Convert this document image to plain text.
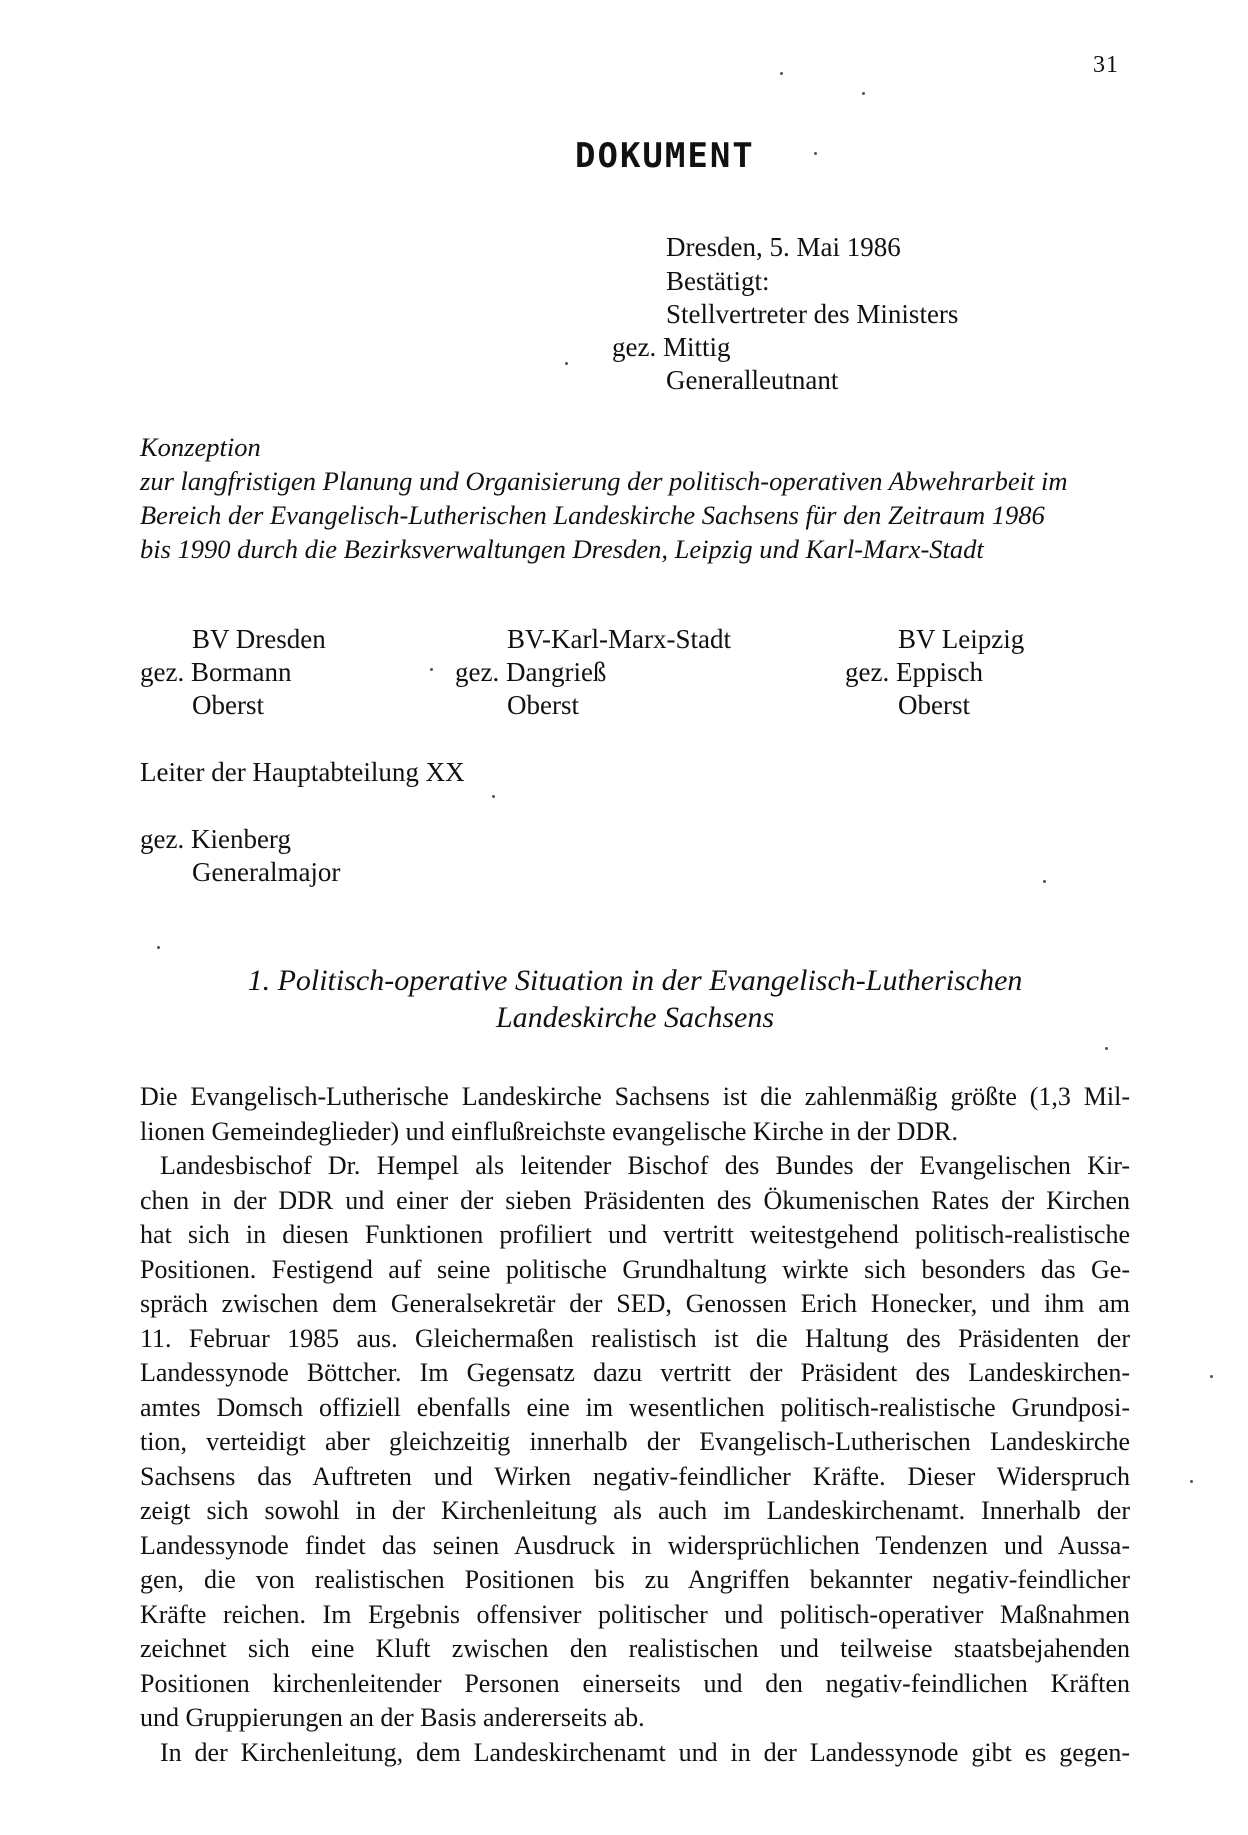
31
DOKUMENT
Dresden, 5. Mai 1986
Bestätigt:
Stellvertreter des Ministers
gez. Mittig
Generalleutnant
Konzeption
zur langfristigen Planung und Organisierung der politisch-operativen Abwehrarbeit im
Bereich der Evangelisch-Lutherischen Landeskirche Sachsens für den Zeitraum 1986
bis 1990 durch die Bezirksverwaltungen Dresden, Leipzig und Karl-Marx-Stadt
BV Dresden
gez. Bormann
Oberst
BV-Karl-Marx-Stadt
gez. Dangrieß
Oberst
BV Leipzig
gez. Eppisch
Oberst
Leiter der Hauptabteilung XX
gez. Kienberg
Generalmajor
1. Politisch-operative Situation in der Evangelisch-Lutherischen
Landeskirche Sachsens
Die Evangelisch-Lutherische Landeskirche Sachsens ist die zahlenmäßig größte (1,3 Mil-
lionen Gemeindeglieder) und einflußreichste evangelische Kirche in der DDR.
Landesbischof Dr. Hempel als leitender Bischof des Bundes der Evangelischen Kir-
chen in der DDR und einer der sieben Präsidenten des Ökumenischen Rates der Kirchen
hat sich in diesen Funktionen profiliert und vertritt weitestgehend politisch-realistische
Positionen. Festigend auf seine politische Grundhaltung wirkte sich besonders das Ge-
spräch zwischen dem Generalsekretär der SED, Genossen Erich Honecker, und ihm am
11. Februar 1985 aus. Gleichermaßen realistisch ist die Haltung des Präsidenten der
Landessynode Böttcher. Im Gegensatz dazu vertritt der Präsident des Landeskirchen-
amtes Domsch offiziell ebenfalls eine im wesentlichen politisch-realistische Grundposi-
tion, verteidigt aber gleichzeitig innerhalb der Evangelisch-Lutherischen Landeskirche
Sachsens das Auftreten und Wirken negativ-feindlicher Kräfte. Dieser Widerspruch
zeigt sich sowohl in der Kirchenleitung als auch im Landeskirchenamt. Innerhalb der
Landessynode findet das seinen Ausdruck in widersprüchlichen Tendenzen und Aussa-
gen, die von realistischen Positionen bis zu Angriffen bekannter negativ-feindlicher
Kräfte reichen. Im Ergebnis offensiver politischer und politisch-operativer Maßnahmen
zeichnet sich eine Kluft zwischen den realistischen und teilweise staatsbejahenden
Positionen kirchenleitender Personen einerseits und den negativ-feindlichen Kräften
und Gruppierungen an der Basis andererseits ab.
In der Kirchenleitung, dem Landeskirchenamt und in der Landessynode gibt es gegen-
